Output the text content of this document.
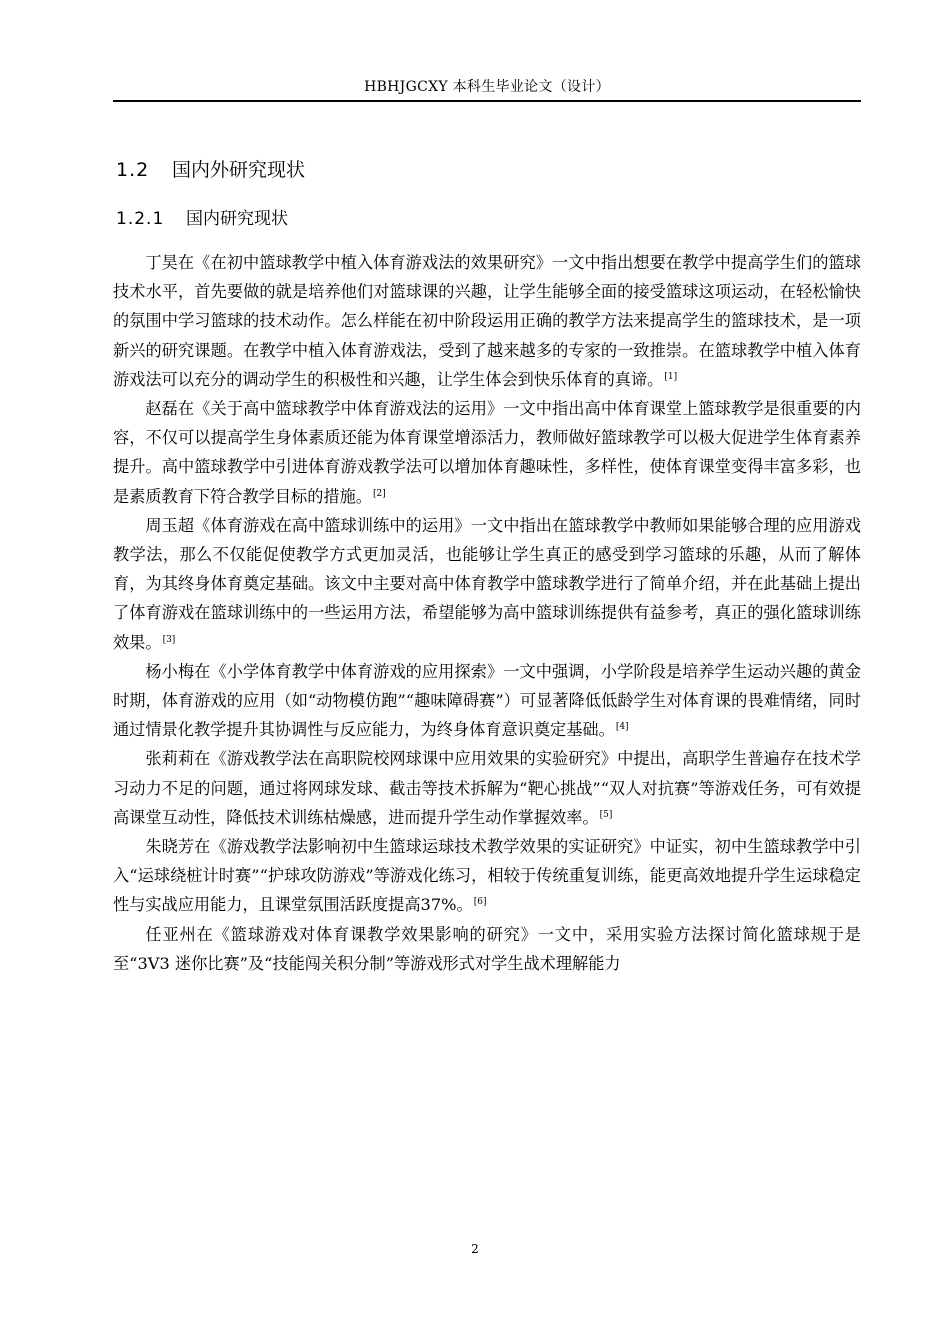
HBHJGCXY 本科生毕业论文（设计）
1.2 国内外研究现状
1.2.1 国内研究现状

丁昊在《在初中篮球教学中植入体育游戏法的效果研究》一文中指出想要在教学中提高学生们的篮球技术水平，首先要做的就是培养他们对篮球课的兴趣，让学生能够全面的接受篮球这项运动，在轻松愉快的氛围中学习篮球的技术动作。怎么样能在初中阶段运用正确的教学方法来提高学生的篮球技术，是一项新兴的研究课题。在教学中植入体育游戏法，受到了越来越多的专家的一致推崇。在篮球教学中植入体育游戏法可以充分的调动学生的积极性和兴趣，让学生体会到快乐体育的真谛。[1]

赵磊在《关于高中篮球教学中体育游戏法的运用》一文中指出高中体育课堂上篮球教学是很重要的内容，不仅可以提高学生身体素质还能为体育课堂增添活力，教师做好篮球教学可以极大促进学生体育素养提升。高中篮球教学中引进体育游戏教学法可以增加体育趣味性，多样性，使体育课堂变得丰富多彩，也是素质教育下符合教学目标的措施。[2]

周玉超《体育游戏在高中篮球训练中的运用》一文中指出在篮球教学中教师如果能够合理的应用游戏教学法，那么不仅能促使教学方式更加灵活，也能够让学生真正的感受到学习篮球的乐趣，从而了解体育，为其终身体育奠定基础。该文中主要对高中体育教学中篮球教学进行了简单介绍，并在此基础上提出了体育游戏在篮球训练中的一些运用方法，希望能够为高中篮球训练提供有益参考，真正的强化篮球训练效果。[3]

杨小梅在《小学体育教学中体育游戏的应用探索》一文中强调，小学阶段是培养学生运动兴趣的黄金时期，体育游戏的应用（如“动物模仿跑”“趣味障碍赛”）可显著降低低龄学生对体育课的畏难情绪，同时通过情景化教学提升其协调性与反应能力，为终身体育意识奠定基础。[4]

张莉莉在《游戏教学法在高职院校网球课中应用效果的实验研究》中提出，高职学生普遍存在技术学习动力不足的问题，通过将网球发球、截击等技术拆解为“靶心挑战”“双人对抗赛”等游戏任务，可有效提高课堂互动性，降低技术训练枯燥感，进而提升学生动作掌握效率。[5]

朱晓芳在《游戏教学法影响初中生篮球运球技术教学效果的实证研究》中证实，初中生篮球教学中引入“运球绕桩计时赛”“护球攻防游戏”等游戏化练习，相较于传统重复训练，能更高效地提升学生运球稳定性与实战应用能力，且课堂氛围活跃度提高37%。[6]

任亚州在《篮球游戏对体育课教学效果影响的研究》一文中，采用实验方法探讨简化篮球规于是至“3V3 迷你比赛”及“技能闯关积分制”等游戏形式对学生战术理解能力

2
